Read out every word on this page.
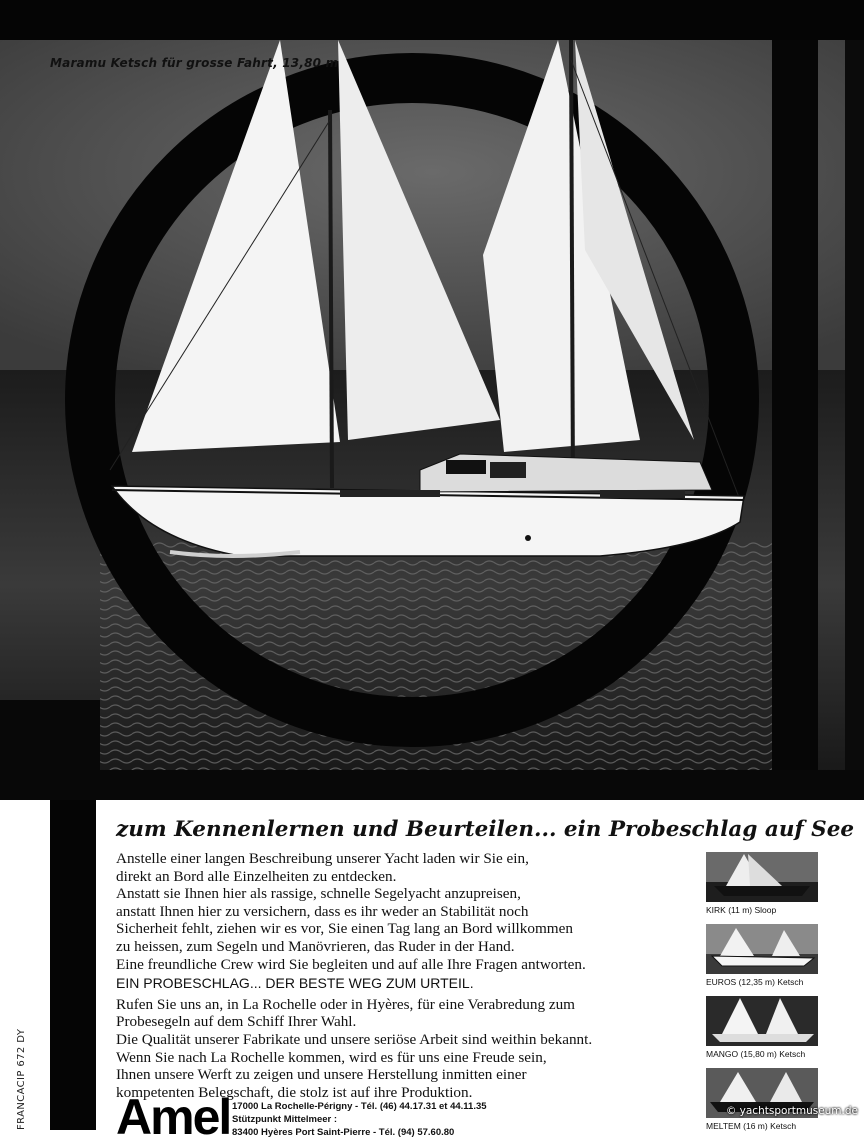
Maramu Ketsch für grosse Fahrt, 13,80 m
FRANCACIP 672 DY
zum Kennenlernen und Beurteilen... ein Probeschlag auf See

Anstelle einer langen Beschreibung unserer Yacht laden wir Sie ein,

direkt an Bord alle Einzelheiten zu entdecken.

Anstatt sie Ihnen hier als rassige, schnelle Segelyacht anzupreisen,

anstatt Ihnen hier zu versichern, dass es ihr weder an Stabilität noch

Sicherheit fehlt, ziehen wir es vor, Sie einen Tag lang an Bord willkommen

zu heissen, zum Segeln und Manövrieren, das Ruder in der Hand.

Eine freundliche Crew wird Sie begleiten und auf alle Ihre Fragen antworten.

EIN PROBESCHLAG... DER BESTE WEG ZUM URTEIL.

Rufen Sie uns an, in La Rochelle oder in Hyères, für eine Verabredung zum

Probesegeln auf dem Schiff Ihrer Wahl.

Die Qualität unserer Fabrikate und unsere seriöse Arbeit sind weithin bekannt.

Wenn Sie nach La Rochelle kommen, wird es für uns eine Freude sein,

Ihnen unsere Werft zu zeigen und unsere Herstellung inmitten einer

kompetenten Belegschaft, die stolz ist auf ihre Produktion.

KIRK (11 m) Sloop
EUROS (12,35 m) Ketsch
MANGO (15,80 m) Ketsch
MELTEM (16 m) Ketsch
Amel 17000 La Rochelle-Périgny - Tél. (46) 44.17.31 et 44.11.35
Stützpunkt Mittelmeer :
83400 Hyères Port Saint-Pierre - Tél. (94) 57.60.80
© yachtsportmuseum.de
